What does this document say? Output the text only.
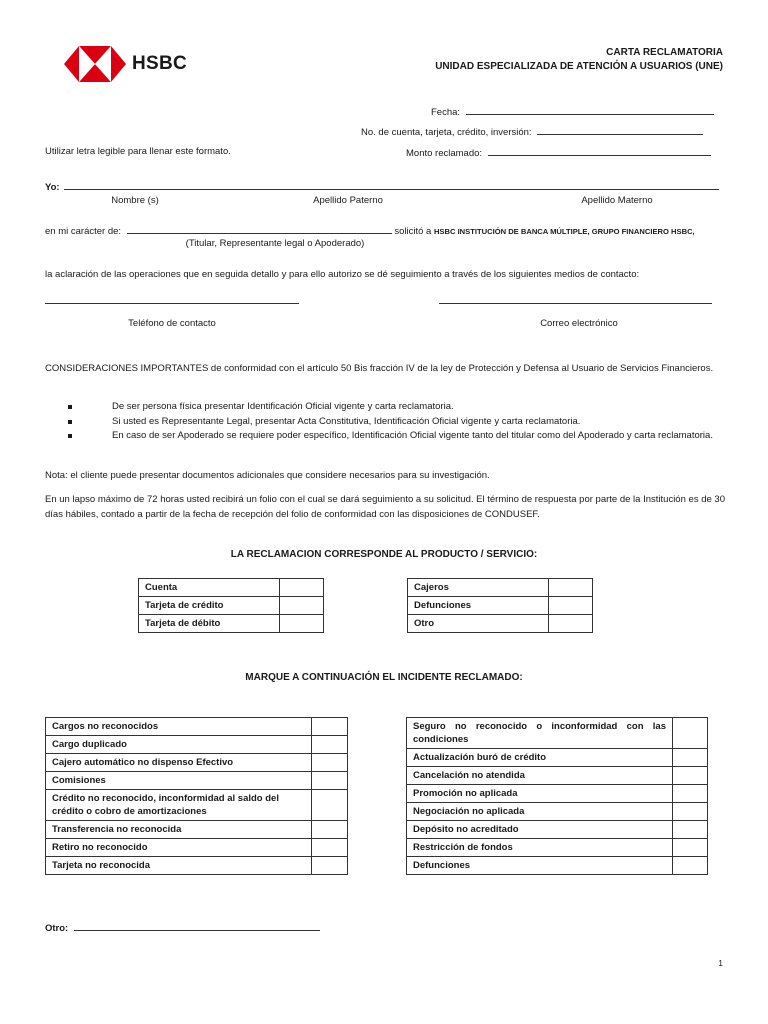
HSBC
CARTA RECLAMATORIA
UNIDAD ESPECIALIZADA DE ATENCIÓN A USUARIOS (UNE)
Fecha:
No. de cuenta, tarjeta, crédito, inversión:
Utilizar letra legible para llenar este formato.	Monto reclamado:
Yo:
Nombre (s)	Apellido Paterno	Apellido Materno
en mi carácter de:	solicitó a HSBC INSTITUCIÓN DE BANCA MÚLTIPLE, GRUPO FINANCIERO HSBC,
(Titular, Representante legal o Apoderado)
la aclaración de las operaciones que en seguida detallo y para ello autorizo se dé seguimiento a través de los siguientes medios de contacto:
Teléfono de contacto	Correo electrónico
CONSIDERACIONES IMPORTANTES de conformidad con el artículo 50 Bis fracción IV de la ley de Protección y Defensa al Usuario de Servicios Financieros.
De ser persona física presentar Identificación Oficial vigente y carta reclamatoria.
Si usted es Representante Legal, presentar Acta Constitutiva, Identificación Oficial vigente y carta reclamatoria.
En caso de ser Apoderado se requiere poder específico, Identificación Oficial vigente tanto del titular como del Apoderado y carta reclamatoria.
Nota: el cliente puede presentar documentos adicionales que considere necesarios para su investigación.
En un lapso máximo de 72 horas usted recibirá un folio con el cual se dará seguimiento a su solicitud. El término de respuesta por parte de la Institución es de 30 días hábiles, contado a partir de la fecha de recepción del folio de conformidad con las disposiciones de CONDUSEF.
LA RECLAMACION CORRESPONDE AL PRODUCTO / SERVICIO:
Cuenta	
Tarjeta de crédito	
Tarjeta de débito	
Cajeros	
Defunciones	
Otro	
MARQUE A CONTINUACIÓN EL INCIDENTE RECLAMADO:
Cargos no reconocidos	
Cargo duplicado	
Cajero automático no dispenso Efectivo	
Comisiones	
Crédito no reconocido, inconformidad al saldo del crédito o cobro de amortizaciones	
Transferencia no reconocida	
Retiro no reconocido	
Tarjeta no reconocida	
Seguro no reconocido o inconformidad con las condiciones	
Actualización buró de crédito	
Cancelación no atendida	
Promoción no aplicada	
Negociación no aplicada	
Depósito no acreditado	
Restricción de fondos	
Defunciones	
Otro:
1
